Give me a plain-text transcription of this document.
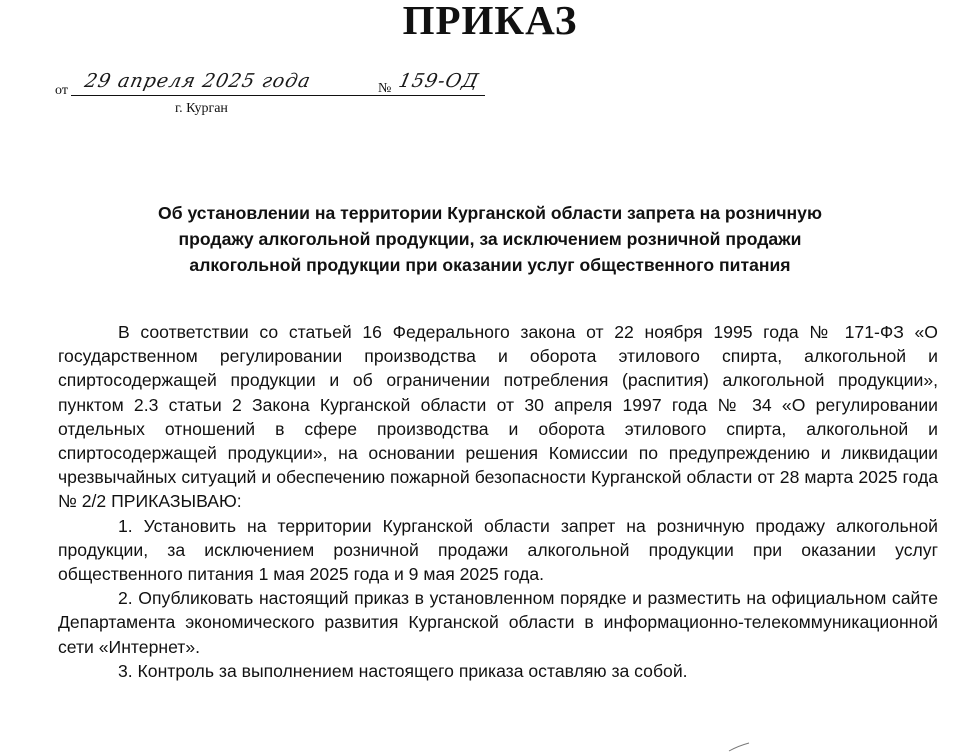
ПРИКАЗ
от 29 апреля 2025 года	№ 159-ОД
г. Курган
Об установлении на территории Курганской области запрета на розничную
продажу алкогольной продукции, за исключением розничной продажи
алкогольной продукции при оказании услуг общественного питания

В соответствии со статьей 16 Федерального закона от 22 ноября 1995 года № 171-ФЗ «О государственном регулировании производства и оборота этилового спирта, алкогольной и спиртосодержащей продукции и об ограничении потребления (распития) алкогольной продукции», пунктом 2.3 статьи 2 Закона Курганской области от 30 апреля 1997 года № 34 «О регулировании отдельных отношений в сфере производства и оборота этилового спирта, алкогольной и спиртосодержащей продукции», на основании решения Комиссии по предупреждению и ликвидации чрезвычайных ситуаций и обеспечению пожарной безопасности Курганской области от 28 марта 2025 года № 2/2 ПРИКАЗЫВАЮ:

1. Установить на территории Курганской области запрет на розничную продажу алкогольной продукции, за исключением розничной продажи алкогольной продукции при оказании услуг общественного питания 1 мая 2025 года и 9 мая 2025 года.

2. Опубликовать настоящий приказ в установленном порядке и разместить на официальном сайте Департамента экономического развития Курганской области в информационно-телекоммуникационной сети «Интернет».

3. Контроль за выполнением настоящего приказа оставляю за собой.
